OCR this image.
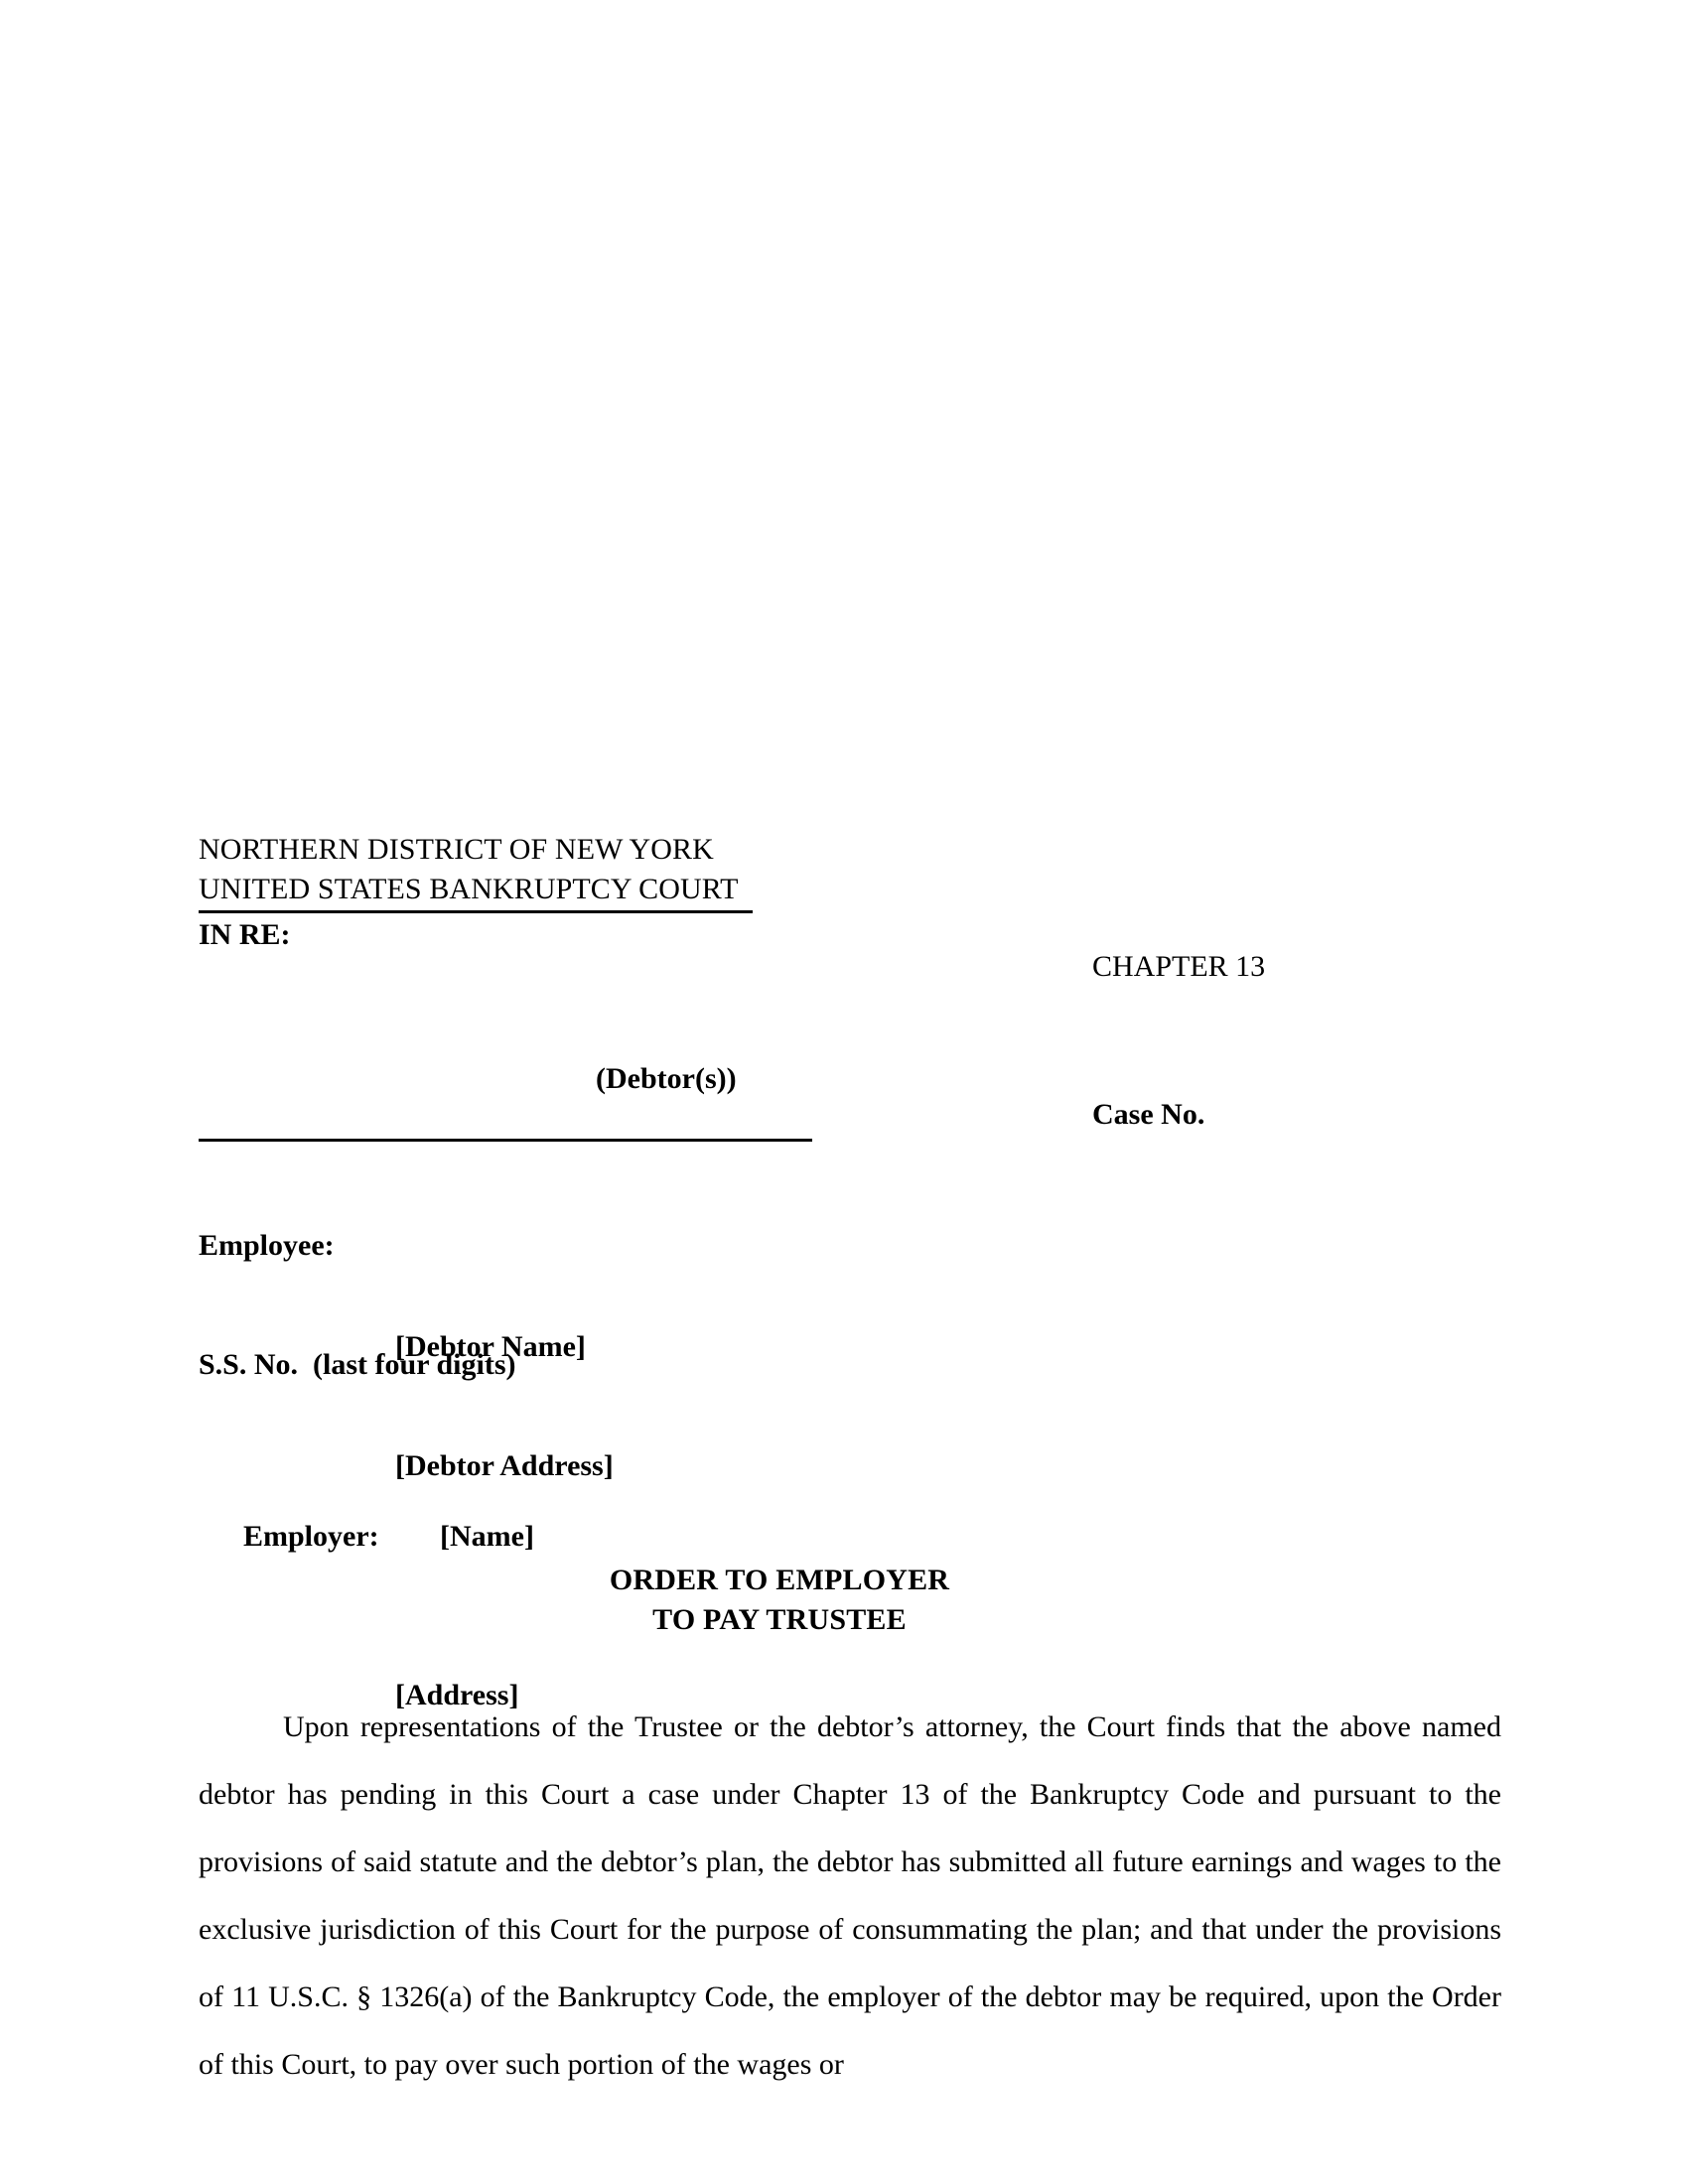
NORTHERN DISTRICT OF NEW YORK
UNITED STATES BANKRUPTCY COURT
IN RE:
CHAPTER 13
(Debtor(s))
Case No.

Employee:

S.S. No.  (last four digits)

[Debtor Name]

[Debtor Address]

Employer: [Name]

[Address]

ORDER TO EMPLOYER
TO PAY TRUSTEE
Upon representations of the Trustee or the debtor’s attorney, the Court finds that the above named debtor has pending in this Court a case under Chapter 13 of the Bankruptcy Code and pursuant to the provisions of said statute and the debtor’s plan, the debtor has submitted all future earnings and wages to the exclusive jurisdiction of this Court for the purpose of consummating the plan; and that under the provisions of 11 U.S.C. § 1326(a) of the Bankruptcy Code, the employer of the debtor may be required, upon the Order of this Court, to pay over such portion of the wages or
